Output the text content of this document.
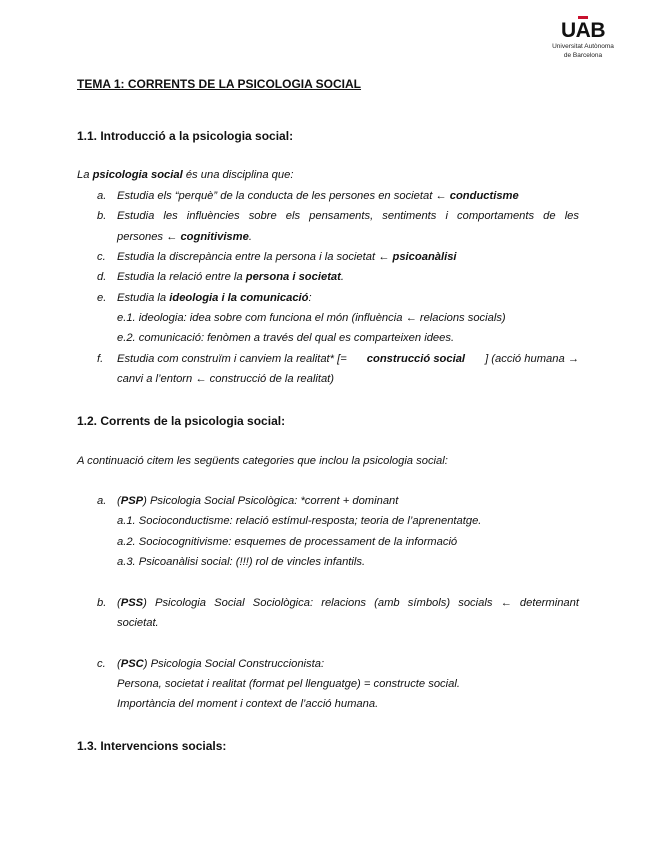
U
AB
Universitat Autònoma
de Barcelona
TEMA 1: CORRENTS DE LA PSICOLOGIA SOCIAL
1.1. Introducció a la psicologia social:
La psicologia social és una disciplina que:
a. Estudia els “perquè” de la conducta de les persones en societat ← conductisme
b. Estudia les influències sobre els pensaments, sentiments i comportaments de les
persones ← cognitivisme.
c. Estudia la discrepància entre la persona i la societat ← psicoanàlisi
d. Estudia la relació entre la persona i societat.
e. Estudia la ideologia i la comunicació:
e.1. ideologia: idea sobre com funciona el món (influència ← relacions socials)
e.2. comunicació: fenòmen a través del qual es comparteixen idees.
f. Estudia com construïm i canviem la realitat* [= construcció social ] (acció humana →
canvi a l’entorn ← construcció de la realitat)
1.2. Corrents de la psicologia social:
A continuació citem les següents categories que inclou la psicologia social:
a. (PSP) Psicologia Social Psicològica: *corrent + dominant
a.1. Socioconductisme: relació estímul-resposta; teoria de l’aprenentatge.
a.2. Sociocognitivisme: esquemes de processament de la informació
a.3. Psicoanàlisi social: (!!!) rol de vincles infantils.
b. (PSS) Psicologia Social Sociològica: relacions (amb símbols) socials ← determinant
societat.
c. (PSC) Psicologia Social Construccionista:
Persona, societat i realitat (format pel llenguatge) = constructe social.
Importància del moment i context de l’acció humana.
1.3. Intervencions socials:
